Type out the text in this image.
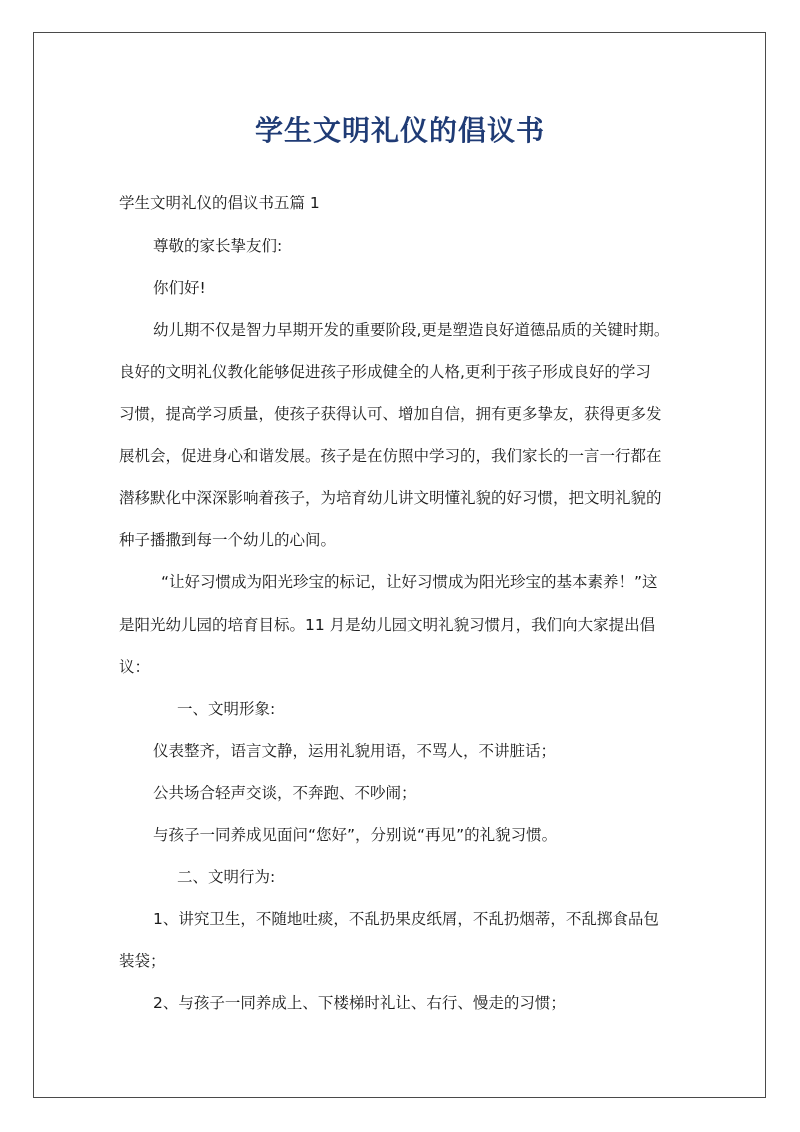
学生文明礼仪的倡议书
学生文明礼仪的倡议书五篇 1
尊敬的家长挚友们:
你们好!
幼儿期不仅是智力早期开发的重要阶段,更是塑造良好道德品质的关键时期。
良好的文明礼仪教化能够促进孩子形成健全的人格,更利于孩子形成良好的学习
习惯，提高学习质量，使孩子获得认可、增加自信，拥有更多挚友，获得更多发
展机会，促进身心和谐发展。孩子是在仿照中学习的，我们家长的一言一行都在
潜移默化中深深影响着孩子，为培育幼儿讲文明懂礼貌的好习惯，把文明礼貌的
种子播撒到每一个幼儿的心间。
“让好习惯成为阳光珍宝的标记，让好习惯成为阳光珍宝的基本素养！”这
是阳光幼儿园的培育目标。11 月是幼儿园文明礼貌习惯月，我们向大家提出倡
议：
一、文明形象:
仪表整齐，语言文静，运用礼貌用语，不骂人，不讲脏话；
公共场合轻声交谈，不奔跑、不吵闹；
与孩子一同养成见面问“您好”，分别说“再见”的礼貌习惯。
二、文明行为:
1、讲究卫生，不随地吐痰，不乱扔果皮纸屑，不乱扔烟蒂，不乱掷食品包
装袋；
2、与孩子一同养成上、下楼梯时礼让、右行、慢走的习惯；
